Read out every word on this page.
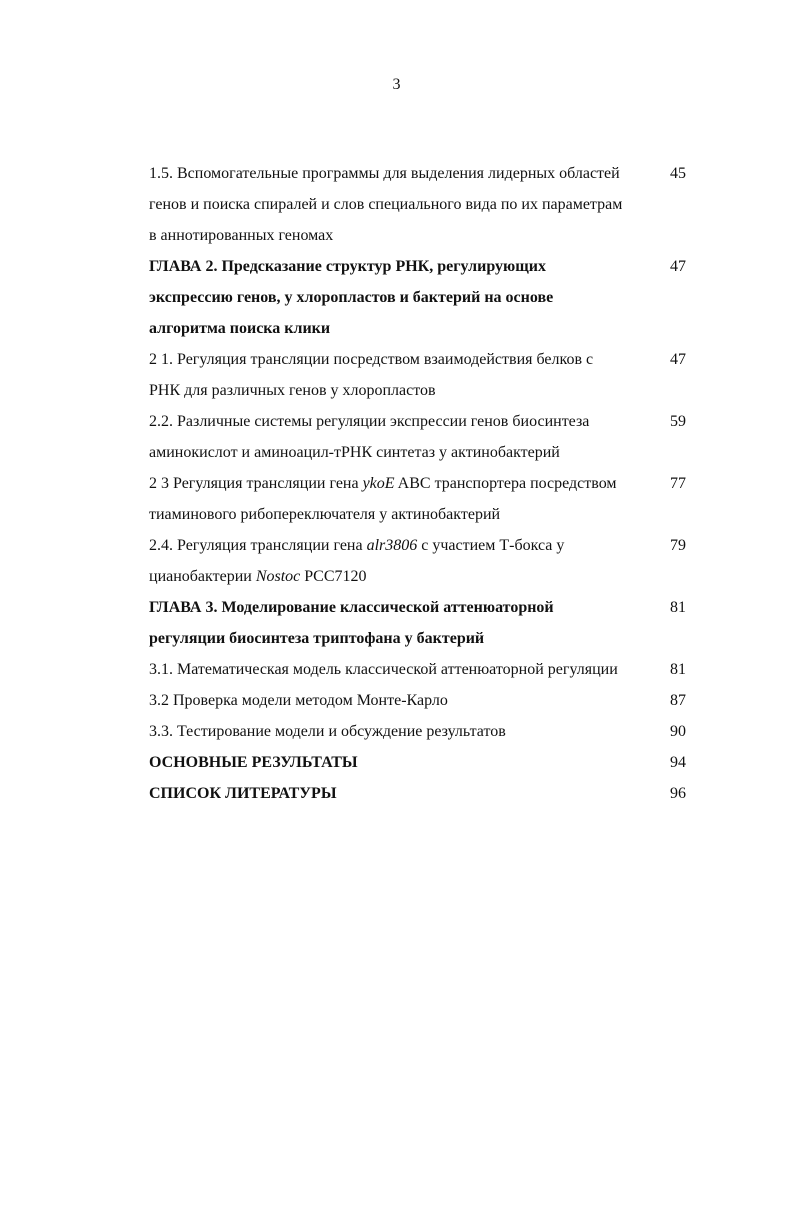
3
1.5. Вспомогательные программы для выделения лидерных областей
генов и поиска спиралей и слов специального вида по их параметрам
в аннотированных геномах
45
ГЛАВА 2. Предсказание структур РНК, регулирующих
экспрессию генов, у хлоропластов и бактерий на основе
алгоритма поиска клики
47
2 1. Регуляция трансляции посредством взаимодействия белков с
РНК для различных генов у хлоропластов
47
2.2. Различные системы регуляции экспрессии генов биосинтеза
аминокислот и аминоацил-тРНК синтетаз у актинобактерий
59
2 3 Регуляция трансляции гена ykoE ABC транспортера посредством
тиаминового рибопереключателя у актинобактерий
77
2.4. Регуляция трансляции гена alr3806 с участием Т-бокса у
цианобактерии Nostoc PCC7120
79
ГЛАВА 3. Моделирование классической аттенюаторной
регуляции биосинтеза триптофана у бактерий
81
3.1. Математическая модель классической аттенюаторной регуляции	81
3.2 Проверка модели методом Монте-Карло	87
3.3. Тестирование модели и обсуждение результатов	90
ОСНОВНЫЕ РЕЗУЛЬТАТЫ	94
СПИСОК ЛИТЕРАТУРЫ	96
